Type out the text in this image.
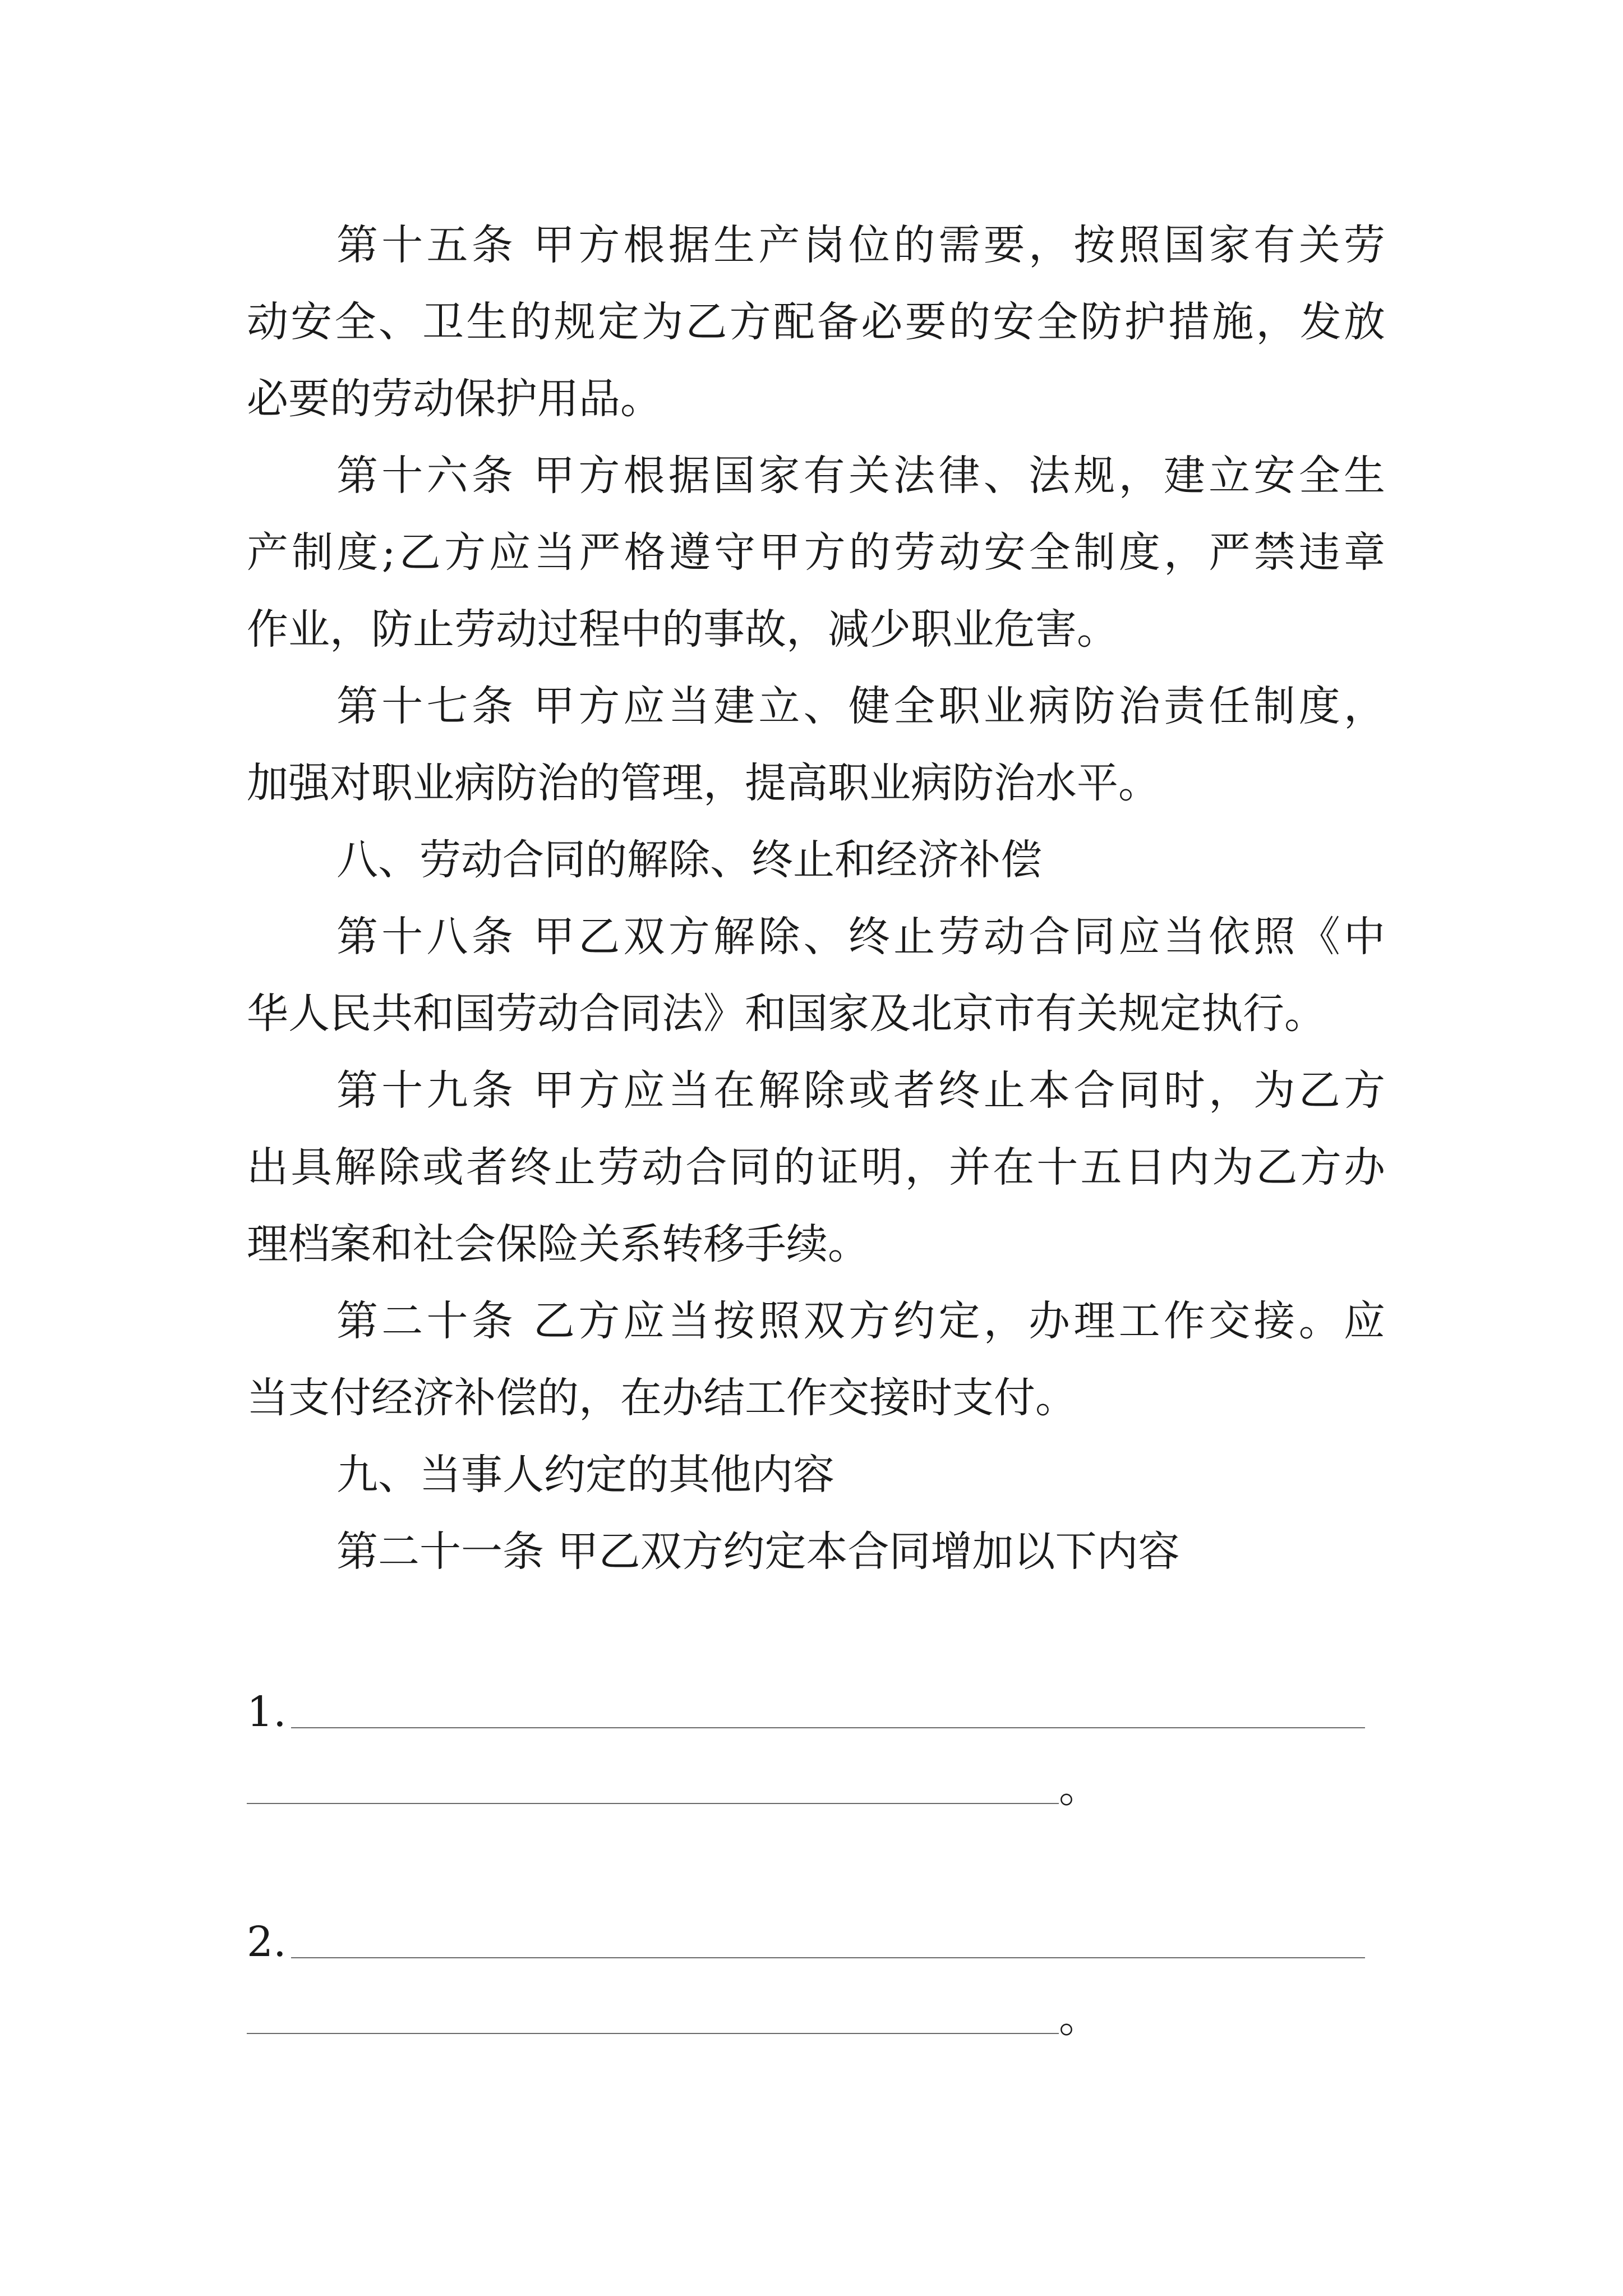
第十五条 甲方根据生产岗位的需要，按照国家有关劳
动安全、卫生的规定为乙方配备必要的安全防护措施，发放
必要的劳动保护用品。
第十六条 甲方根据国家有关法律、法规，建立安全生
产制度;乙方应当严格遵守甲方的劳动安全制度，严禁违章
作业，防止劳动过程中的事故，减少职业危害。
第十七条 甲方应当建立、健全职业病防治责任制度，
加强对职业病防治的管理，提高职业病防治水平。
八、劳动合同的解除、终止和经济补偿
第十八条 甲乙双方解除、终止劳动合同应当依照《中
华人民共和国劳动合同法》和国家及北京市有关规定执行。
第十九条 甲方应当在解除或者终止本合同时，为乙方
出具解除或者终止劳动合同的证明，并在十五日内为乙方办
理档案和社会保险关系转移手续。
第二十条 乙方应当按照双方约定，办理工作交接。应
当支付经济补偿的，在办结工作交接时支付。
九、当事人约定的其他内容
第二十一条 甲乙双方约定本合同增加以下内容
1.
。
2.
。
